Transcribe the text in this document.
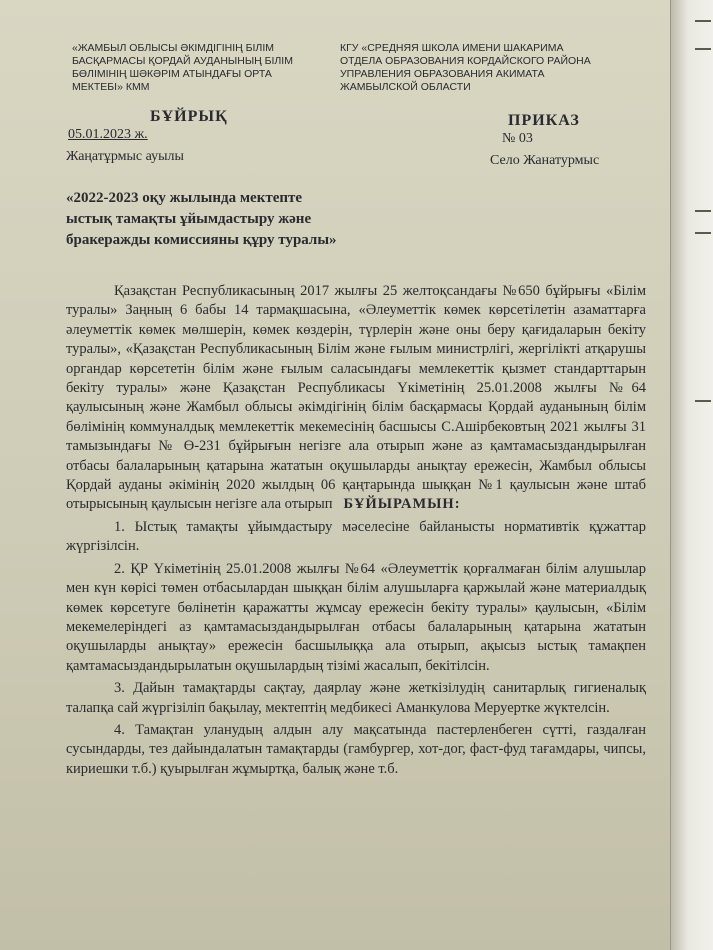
«ЖАМБЫЛ ОБЛЫСЫ ӘКІМДІГІНІҢ БІЛІМ
БАСҚАРМАСЫ ҚОРДАЙ АУДАНЫНЫҢ БІЛІМ
БӨЛІМІНІҢ ШӘКӘРІМ АТЫНДАҒЫ ОРТА
МЕКТЕБІ» КММ
КГУ «СРЕДНЯЯ ШКОЛА ИМЕНИ ШАКАРИМА
ОТДЕЛА ОБРАЗОВАНИЯ КОРДАЙСКОГО РАЙОНА
УПРАВЛЕНИЯ ОБРАЗОВАНИЯ АКИМАТА
ЖАМБЫЛСКОЙ ОБЛАСТИ
БҰЙРЫҚ	ПРИКАЗ
05.01.2023 ж.	№ 03
Жаңатұрмыс ауылы	Село Жанатурмыс
«2022-2023 оқу жылында мектепте
ыстық тамақты ұйымдастыру және
бракеражды комиссияны құру туралы»

Қазақстан Республикасының 2017 жылғы 25 желтоқсандағы №650 бұйрығы «Білім туралы» Заңның 6 бабы 14 тармақшасына, «Әлеуметтік көмек көрсетілетін азаматтарға әлеуметтік көмек мөлшерін, көмек көздерін, түрлерін және оны беру қағидаларын бекіту туралы», «Қазақстан Республикасының Білім және ғылым министрлігі, жергілікті атқарушы органдар көрсететін білім және ғылым саласындағы мемлекеттік қызмет стандарттарын бекіту туралы» және Қазақстан Республикасы Үкіметінің 25.01.2008 жылғы №64 қаулысының және Жамбыл облысы әкімдігінің білім басқармасы Қордай ауданының білім бөлімінің коммуналдық мемлекеттік мекемесінің басшысы С.Ашірбековтың 2021 жылғы 31 тамызындағы № Ө-231 бұйрығын негізге ала отырып және аз қамтамасыздандырылған отбасы балаларының қатарына жататын оқушыларды анықтау ережесін, Жамбыл облысы Қордай ауданы әкімінің 2020 жылдың 06 қаңтарында шыққан №1 қаулысын және штаб отырысының қаулысын негізге ала отырып БҰЙЫРАМЫН:

1. Ыстық тамақты ұйымдастыру мәселесіне байланысты нормативтік құжаттар жүргізілсін.

2. ҚР Үкіметінің 25.01.2008 жылғы №64 «Әлеуметтік қорғалмаған білім алушылар мен күн көрісі төмен отбасылардан шыққан білім алушыларға қаржылай және материалдық көмек көрсетуге бөлінетін қаражатты жұмсау ережесін бекіту туралы» қаулысын, «Білім мекемелеріндегі аз қамтамасыздандырылған отбасы балаларының қатарына жататын оқушыларды анықтау» ережесін басшылыққа ала отырып, ақысыз ыстық тамақпен қамтамасыздандырылатын оқушылардың тізімі жасалып, бекітілсін.

3. Дайын тамақтарды сақтау, даярлау және жеткізілудің санитарлық гигиеналық талапқа сай жүргізіліп бақылау, мектептің медбикесі Аманкулова Меруертке жүктелсін.

4. Тамақтан уланудың алдын алу мақсатында пастерленбеген сүтті, газдалған сусындарды, тез дайындалатын тамақтарды (гамбургер, хот-дог, фаст-фуд тағамдары, чипсы, кириешки т.б.) қуырылған жұмыртқа, балық және т.б.
